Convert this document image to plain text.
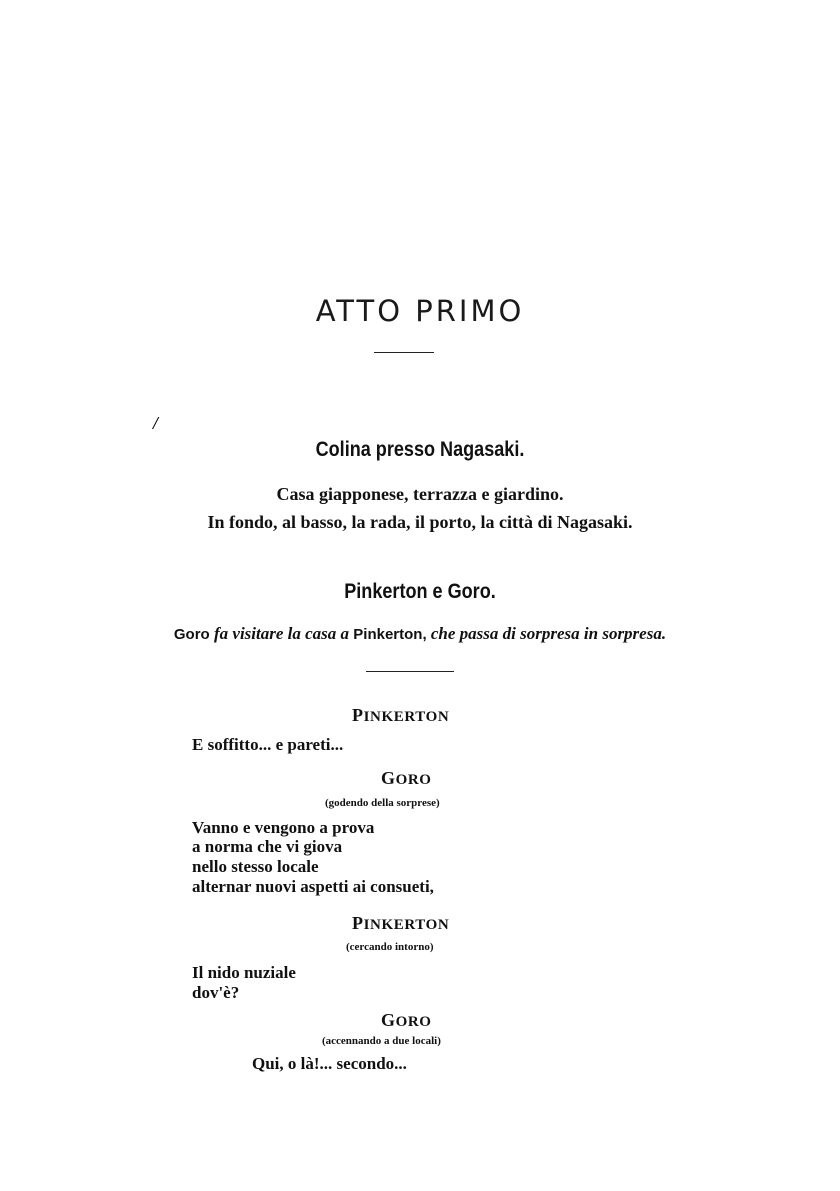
ATTO PRIMO
/
Colina presso Nagasaki.
Casa giapponese, terrazza e giardino.
In fondo, al basso, la rada, il porto, la città di Nagasaki.
Pinkerton e Goro.
Goro fa visitare la casa a Pinkerton, che passa di sorpresa in sorpresa.
PINKERTON
E soffitto... e pareti...
GORO
(godendo della sorprese)
Vanno e vengono a prova
a norma che vi giova
nello stesso locale
alternar nuovi aspetti ai consueti,
PINKERTON
(cercando intorno)
Il nido nuziale
dov'è?
GORO
(accennando a due locali)
Qui, o là!... secondo...
